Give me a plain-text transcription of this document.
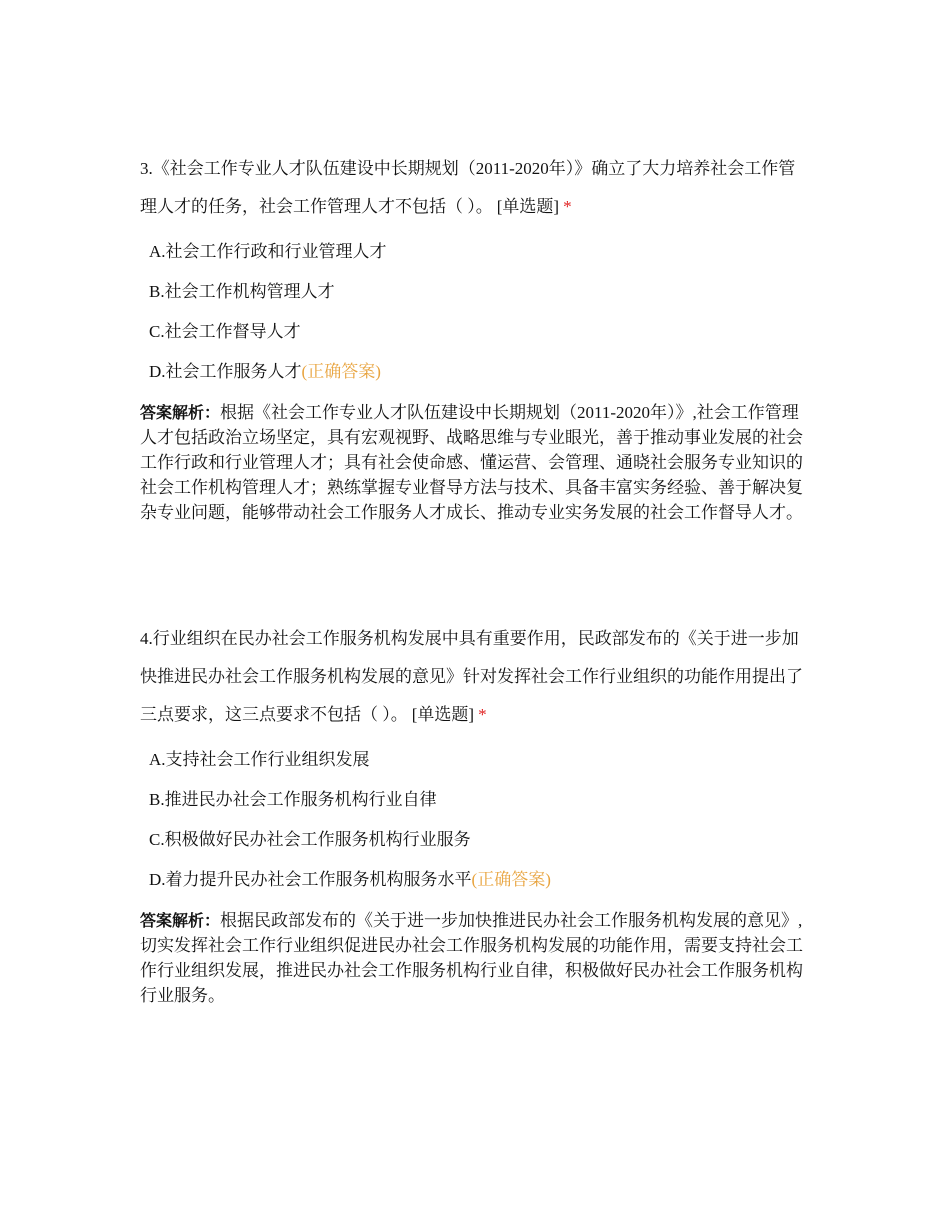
3.《社会工作专业人才队伍建设中长期规划（2011-2020年）》确立了大力培养社会工作管理人才的任务，社会工作管理人才不包括（ ）。 [单选题] *

A.社会工作行政和行业管理人才
B.社会工作机构管理人才
C.社会工作督导人才
D.社会工作服务人才(正确答案)

答案解析：根据《社会工作专业人才队伍建设中长期规划（2011-2020年）》,社会工作管理人才包括政治立场坚定，具有宏观视野、战略思维与专业眼光，善于推动事业发展的社会工作行政和行业管理人才；具有社会使命感、懂运营、会管理、通晓社会服务专业知识的社会工作机构管理人才；熟练掌握专业督导方法与技术、具备丰富实务经验、善于解决复杂专业问题，能够带动社会工作服务人才成长、推动专业实务发展的社会工作督导人才。

4.行业组织在民办社会工作服务机构发展中具有重要作用，民政部发布的《关于进一步加快推进民办社会工作服务机构发展的意见》针对发挥社会工作行业组织的功能作用提出了三点要求，这三点要求不包括（ ）。 [单选题] *

A.支持社会工作行业组织发展
B.推进民办社会工作服务机构行业自律
C.积极做好民办社会工作服务机构行业服务
D.着力提升民办社会工作服务机构服务水平(正确答案)

答案解析：根据民政部发布的《关于进一步加快推进民办社会工作服务机构发展的意见》,切实发挥社会工作行业组织促进民办社会工作服务机构发展的功能作用，需要支持社会工作行业组织发展，推进民办社会工作服务机构行业自律，积极做好民办社会工作服务机构行业服务。
